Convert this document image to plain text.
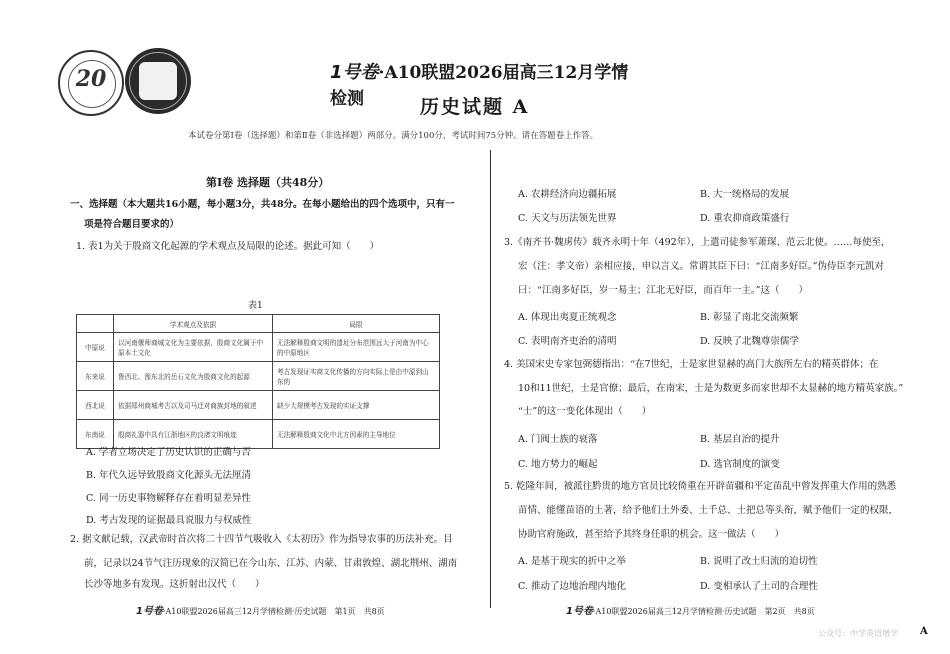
20	1号卷·A10联盟2026届高三12月学情检测	历史试题 A
本试卷分第Ⅰ卷（选择题）和第Ⅱ卷（非选择题）两部分。满分100分，考试时间75分钟。请在答题卷上作答。
第Ⅰ卷 选择题（共48分）
一、选择题（本大题共16小题，每小题3分，共48分。在每小题给出的四个选项中，只有一
项是符合题目要求的）
1. 表1为关于殷商文化起源的学术观点及局限的论述。据此可知（　　）
表1
	学术观点及依据	局限
中原说	以河南偃师商城文化为主要依据，殷商文化属于中原本土文化	无法解释殷商文明的遗址分布范围远大于河南为中心的中原地区
东来说	鲁西北、豫东北的岳石文化为殷商文化的起源	考古发现证实商文化传播的方向实际上是由中原到山东的
西北说	依据郑州商城考古以及司马迁对商族封地的叙述	缺少大规模考古发现的实证支撑
东南说	殷商礼器中具有江浙地区的良渚文明痕迹	无法解释殷商文化中北方因素的主导地位
A. 学者立场决定了历史认识的正确与否
B. 年代久远导致殷商文化源头无法厘清
C. 同一历史事物解释存在着明显差异性
D. 考古发现的证据最具说服力与权威性
2. 据文献记载，汉武帝时首次将二十四节气吸收入《太初历》作为指导农事的历法补充。目
前，记录以24节气注历现象的汉简已在今山东、江苏、内蒙、甘肃敦煌、湖北荆州、湖南
长沙等地多有发现。这折射出汉代（　　）
1号卷·A10联盟2026届高三12月学情检测·历史试题　第1页　共8页
A. 农耕经济向边疆拓展	B. 大一统格局的发展
C. 天文与历法领先世界	D. 重农抑商政策盛行
3.《南齐书·魏虏传》载齐永明十年（492年），上遣司徒参军萧琛、范云北使。……每使至，
宏（注：孝文帝）亲相应接，申以言义。常谓其臣下曰：“江南多好臣。”伪侍臣李元凯对
曰：“江南多好臣，岁一易主；江北无好臣，而百年一主。”这（　　）
A. 体现出夷夏正统观念	B. 彰显了南北交流频繁
C. 表明南齐吏治的清明	D. 反映了北魏尊崇儒学
4. 美国宋史专家包弼德指出：“在7世纪，士是家世显赫的高门大族所左右的精英群体；在
10和11世纪，士是官僚；最后，在南宋，士是为数更多而家世却不太显赫的地方精英家族。”
“士”的这一变化体现出（　　）
A. 门阀士族的衰落	B. 基层自治的提升
C. 地方势力的崛起	D. 选官制度的演变
5. 乾隆年间，被派往黔贵的地方官员比较倚重在开辟苗疆和平定苗乱中曾发挥重大作用的熟悉
苗情、能懂苗语的土著，给予他们土外委、土千总、土把总等头衔，赋予他们一定的权限，
协助官府施政，甚至给予其终身任职的机会。这一做法（　　）
A. 是基于现实的折中之举	B. 说明了改土归流的迫切性
C. 推动了边地治理内地化	D. 变相承认了土司的合理性
1号卷·A10联盟2026届高三12月学情检测·历史试题　第2页　共8页
公众号：中学英语增学 A
